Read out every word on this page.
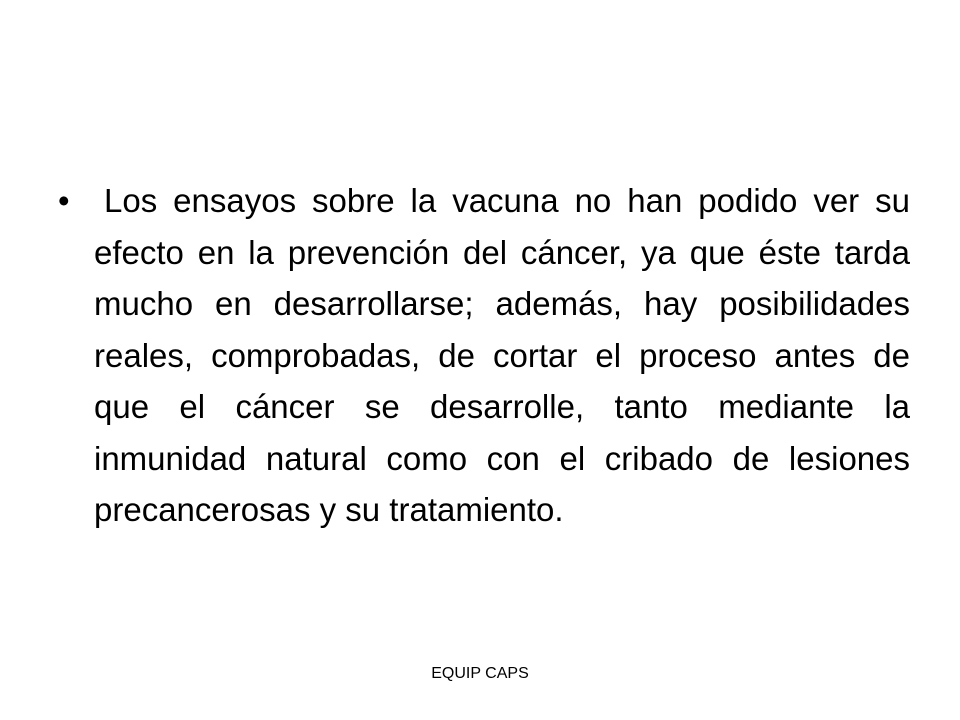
•	Los ensayos sobre la vacuna no han podido ver su efecto en la prevención del cáncer, ya que éste tarda mucho en desarrollarse; además, hay posibilidades reales, comprobadas, de cortar el proceso antes de que el cáncer se desarrolle, tanto mediante la inmunidad natural como con el cribado de lesiones precancerosas y su tratamiento.
EQUIP CAPS
